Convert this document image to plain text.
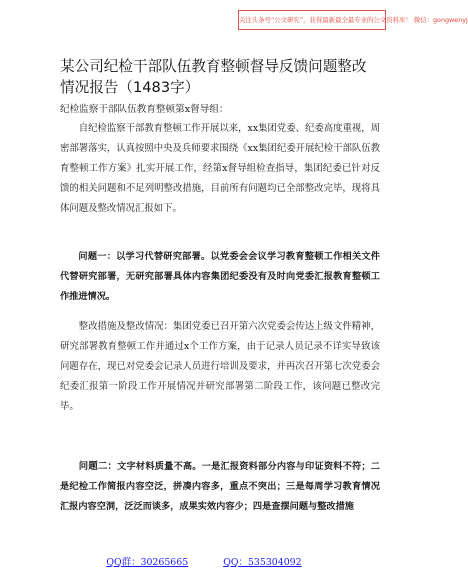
关注头条号“公文研究”，获得最新最全最专业的公文资料库！ 微信：gongwenyj
某公司纪检干部队伍教育整顿督导反馈问题整改情况报告（1483字）

纪检监察干部队伍教育整顿第x督导组：

自纪检监察干部教育整顿工作开展以来，xx集团党委、纪委高度重视，周密部署落实，认真按照中央及兵师要求围绕《xx集团纪委开展纪检干部队伍教育整顿工作方案》扎实开展工作，经第x督导组检查指导，集团纪委已针对反馈的相关问题和不足列明整改措施，目前所有问题均已全部整改完毕，现将具体问题及整改情况汇报如下。

问题一：以学习代替研究部署。以党委会会议学习教育整顿工作相关文件代替研究部署，无研究部署具体内容集团纪委没有及时向党委汇报教育整顿工作推进情况。

整改措施及整改情况：集团党委已召开第六次党委会传达上级文件精神，研究部署教育整顿工作并通过x个工作方案，由于记录人员记录不详实导致该问题存在，现已对党委会记录人员进行培训及要求，并再次召开第七次党委会纪委汇报第一阶段工作开展情况并研究部署第二阶段工作，该问题已整改完毕。

问题二：文字材料质量不高。一是汇报资料部分内容与印证资料不符；二是纪检工作简报内容空泛，拼凑内容多，重点不突出；三是每周学习教育情况汇报内容空洞，泛泛而谈多，成果实效内容少；四是查摆问题与整改措施

QQ群：30265665	QQ：535304092
